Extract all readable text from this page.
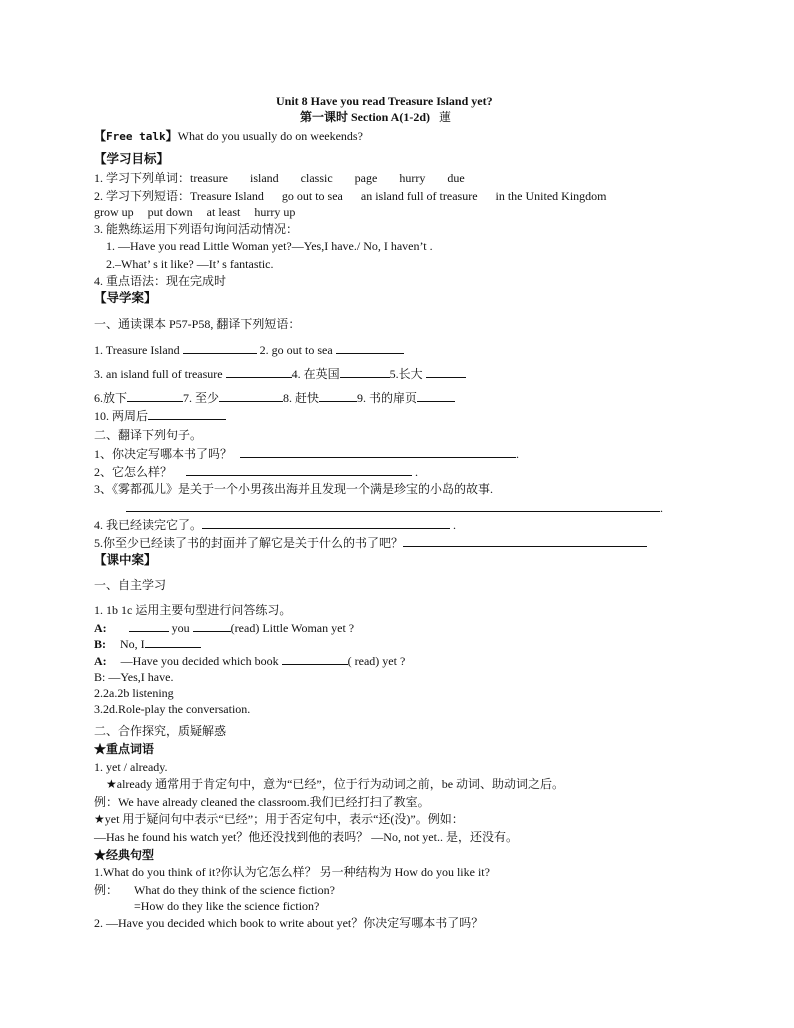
Unit 8 Have you read Treasure Island yet?
第一课时 Section A(1-2d) 蓮
【Free talk】What do you usually do on weekends?
【学习目标】
1. 学习下列单词：treasure island classic page hurry due
2. 学习下列短语：Treasure Island go out to sea an island full of treasure in the United Kingdom
grow up put down at least hurry up
3. 能熟练运用下列语句询问活动情况：
1. —Have you read Little Woman yet?—Yes,I have./ No, I haven’t .
2.–What’ s it like? —It’ s fantastic.
4. 重点语法：现在完成时
【导学案】
一、通读课本 P57-P58, 翻译下列短语：
1. Treasure Island	2. go out to sea
3. an island full of treasure	4. 在英国	5.长大
6.放下	7. 至少	8. 赶快	9. 书的扉页
10. 两周后
二、翻译下列句子。
1、你决定写哪本书了吗？	.
2、它怎么样？	.
3、《雾都孤儿》是关于一个小男孩出海并且发现一个满是珍宝的小岛的故事.
.
4. 我已经读完它了。	.
5.你至少已经读了书的封面并了解它是关于什么的书了吧？
【课中案】
一、自主学习
1. 1b 1c 运用主要句型进行问答练习。
A:	you	(read) Little Woman yet ?
B: No, I
A: —Have you decided which book	( read) yet ?
B: —Yes,I have.
2.2a.2b listening
3.2d.Role-play the conversation.
二、合作探究，质疑解惑
★重点词语
1. yet / already.
★already 通常用于肯定句中，意为“已经”，位于行为动词之前，be 动词、助动词之后。
例：We have already cleaned the classroom.我们已经打扫了教室。
★yet 用于疑问句中表示“已经”；用于否定句中，表示“还(没)”。例如：
—Has he found his watch yet？他还没找到他的表吗？ —No, not yet.. 是，还没有。
★经典句型
1.What do you think of it?你认为它怎么样？ 另一种结构为 How do you like it?
例： What do they think of the science fiction?
=How do they like the science fiction?
2. —Have you decided which book to write about yet？你决定写哪本书了吗？
